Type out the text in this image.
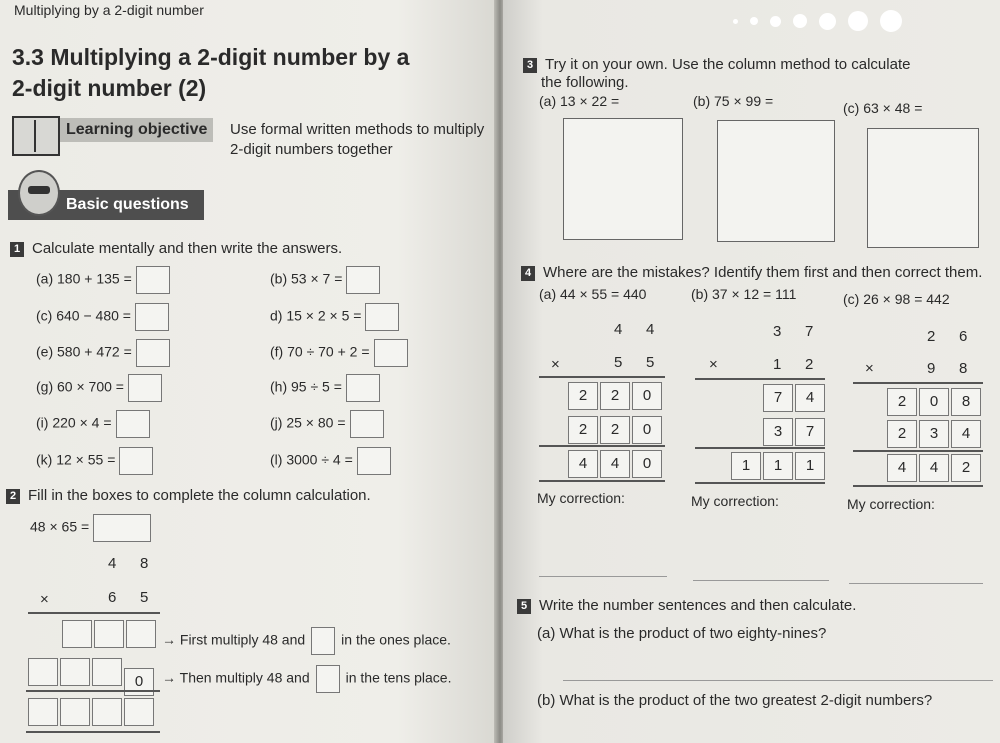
Multiplying by a 2-digit number
3.3 Multiplying a 2-digit number by a
2-digit number (2)
Learning objective	Use formal written methods to multiply
2-digit numbers together
Basic questions
1 Calculate mentally and then write the answers.
(a) 180 + 135 =	(b) 53 × 7 =
(c) 640 − 480 =	d) 15 × 2 × 5 =
(e) 580 + 472 =	(f) 70 ÷ 70 + 2 =
(g) 60 × 700 =	(h) 95 ÷ 5 =
(i) 220 × 4 =	(j) 25 × 80 =
(k) 12 × 55 =	(l) 3000 ÷ 4 =
2 Fill in the boxes to complete the column calculation.
48 × 65 =
4 8
×	6 5
→ First multiply 48 and	in the ones place.
0	→ Then multiply 48 and	in the tens place.
3 Try it on your own. Use the column method to calculate
the following.
(a) 13 × 22 =	(b) 75 × 99 =	(c) 63 × 48 =
4 Where are the mistakes? Identify them first and then correct them.
(a) 44 × 55 = 440	(b) 37 × 12 = 111	(c) 26 × 98 = 442
4 4
×	5 5
2 2 0
2 2 0
4 4 0
3 7
×	1 2
7 4
3 7
1 1 1
2 6
×	9 8
2 0 8
2 3 4
4 4 2
My correction:	My correction:	My correction:
5 Write the number sentences and then calculate.
(a) What is the product of two eighty-nines?
(b) What is the product of the two greatest 2-digit numbers?
